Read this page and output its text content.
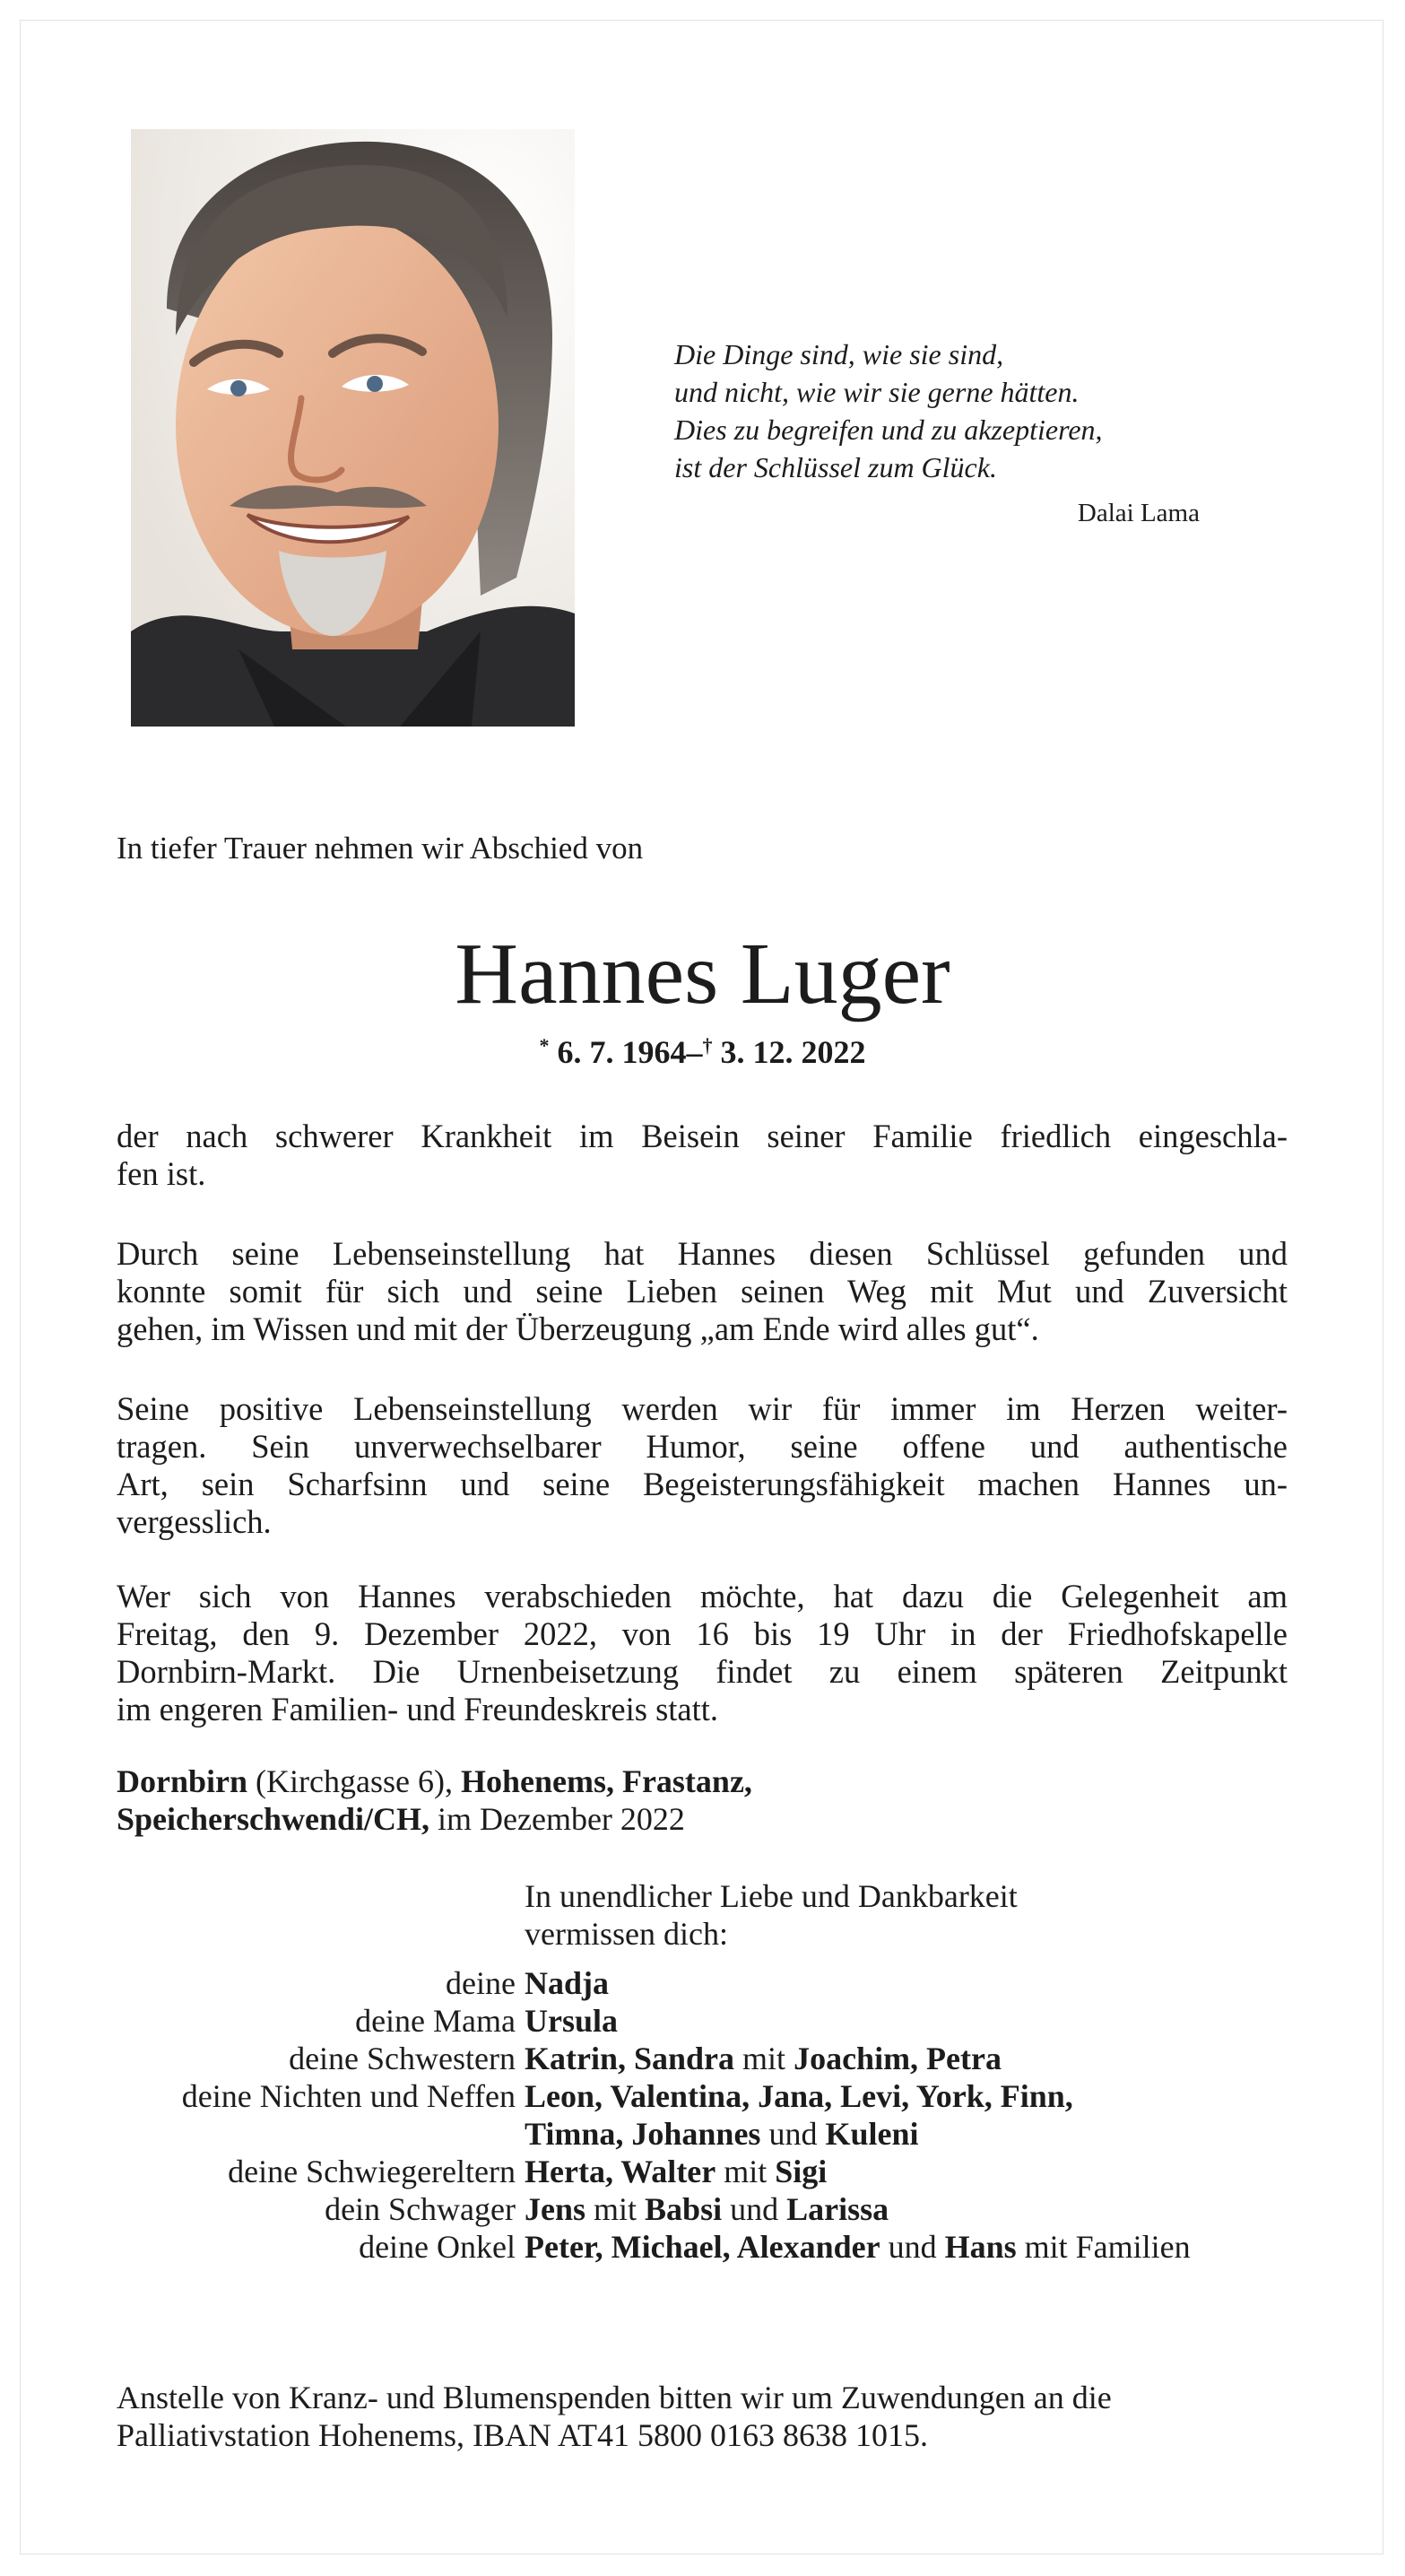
Die Dinge sind, wie sie sind,
und nicht, wie wir sie gerne hätten.
Dies zu begreifen und zu akzeptieren,
ist der Schlüssel zum Glück.
Dalai Lama
In tiefer Trauer nehmen wir Abschied von
Hannes Luger
* 6. 7. 1964–† 3. 12. 2022
der nach schwerer Krankheit im Beisein seiner Familie friedlich eingeschla-
fen ist.
Durch seine Lebenseinstellung hat Hannes diesen Schlüssel gefunden und
konnte somit für sich und seine Lieben seinen Weg mit Mut und Zuversicht
gehen, im Wissen und mit der Überzeugung „am Ende wird alles gut“.
Seine positive Lebenseinstellung werden wir für immer im Herzen weiter-
tragen. Sein unverwechselbarer Humor, seine offene und authentische
Art, sein Scharfsinn und seine Begeisterungsfähigkeit machen Hannes un-
vergesslich.
Wer sich von Hannes verabschieden möchte, hat dazu die Gelegenheit am
Freitag, den 9. Dezember 2022, von 16 bis 19 Uhr in der Friedhofskapelle
Dornbirn-Markt. Die Urnenbeisetzung findet zu einem späteren Zeitpunkt
im engeren Familien- und Freundeskreis statt.
Dornbirn (Kirchgasse 6), Hohenems, Frastanz,
Speicherschwendi/CH, im Dezember 2022
In unendlicher Liebe und Dankbarkeit
vermissen dich:
deine Nadja
deine Mama Ursula
deine Schwestern Katrin, Sandra mit Joachim, Petra
deine Nichten und Neffen Leon, Valentina, Jana, Levi, York, Finn,
Timna, Johannes und Kuleni
deine Schwiegereltern Herta, Walter mit Sigi
dein Schwager Jens mit Babsi und Larissa
deine Onkel Peter, Michael, Alexander und Hans mit Familien
Anstelle von Kranz- und Blumenspenden bitten wir um Zuwendungen an die
Palliativstation Hohenems, IBAN AT41 5800 0163 8638 1015.
